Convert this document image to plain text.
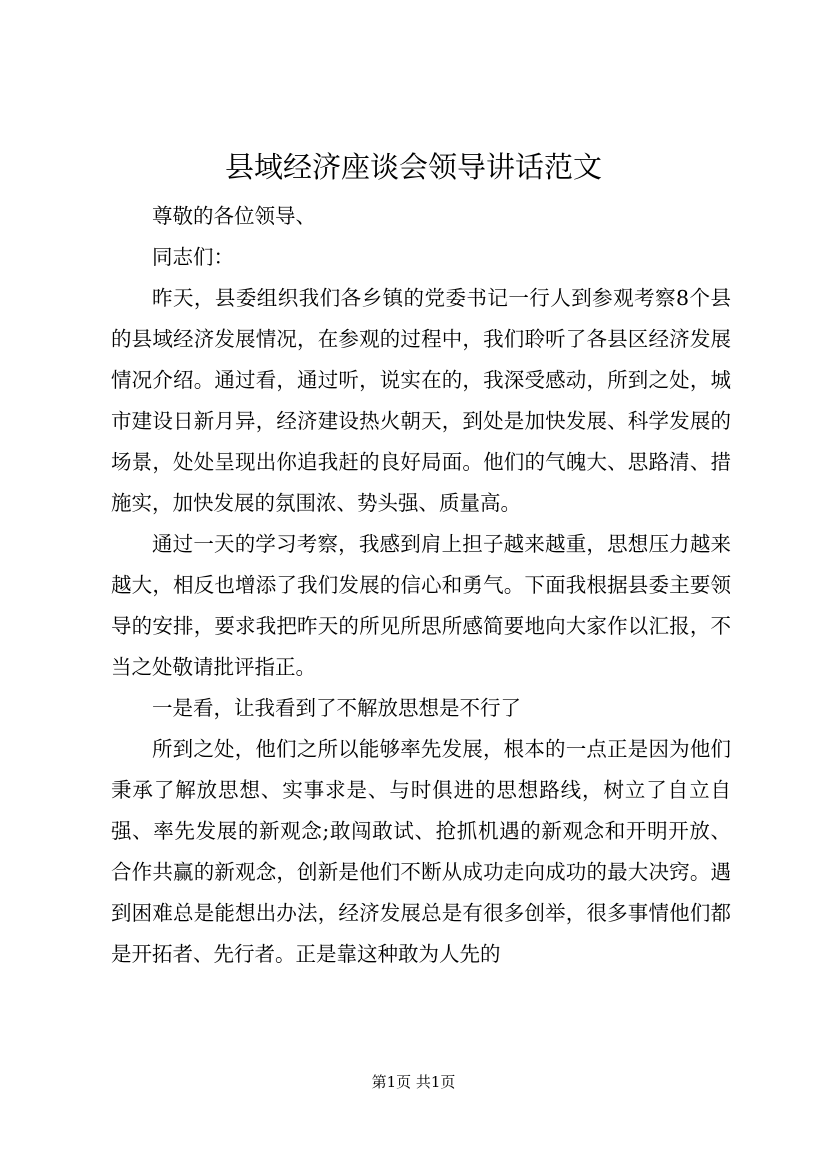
县域经济座谈会领导讲话范文

尊敬的各位领导、

同志们：

昨天，县委组织我们各乡镇的党委书记一行人到参观考察8个县的县域经济发展情况，在参观的过程中，我们聆听了各县区经济发展情况介绍。通过看，通过听，说实在的，我深受感动，所到之处，城市建设日新月异，经济建设热火朝天，到处是加快发展、科学发展的场景，处处呈现出你追我赶的良好局面。他们的气魄大、思路清、措施实，加快发展的氛围浓、势头强、质量高。

通过一天的学习考察，我感到肩上担子越来越重，思想压力越来越大，相反也增添了我们发展的信心和勇气。下面我根据县委主要领导的安排，要求我把昨天的所见所思所感简要地向大家作以汇报，不当之处敬请批评指正。

一是看，让我看到了不解放思想是不行了

所到之处，他们之所以能够率先发展，根本的一点正是因为他们秉承了解放思想、实事求是、与时俱进的思想路线，树立了自立自强、率先发展的新观念;敢闯敢试、抢抓机遇的新观念和开明开放、合作共赢的新观念，创新是他们不断从成功走向成功的最大决窍。遇到困难总是能想出办法，经济发展总是有很多创举，很多事情他们都是开拓者、先行者。正是靠这种敢为人先的

第1页 共1页
